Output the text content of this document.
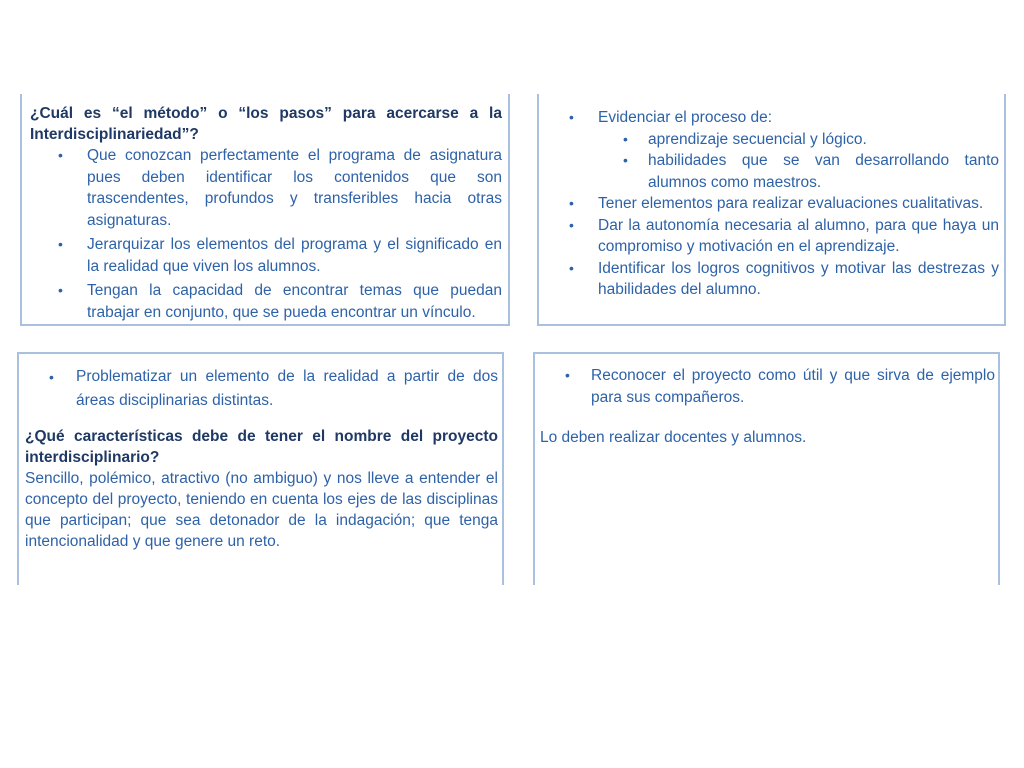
¿Cuál es “el método” o “los pasos” para acercarse a la Interdisciplinariedad”?

• Que conozcan perfectamente el programa de asignatura pues deben identificar los contenidos que son trascendentes, profundos y transferibles hacia otras asignaturas.
• Jerarquizar los elementos del programa y el significado en la realidad que viven los alumnos.
• Tengan la capacidad de encontrar temas que puedan trabajar en conjunto, que se pueda encontrar un vínculo.
• Evidenciar el proceso de:
• aprendizaje secuencial y lógico.
• habilidades que se van desarrollando tanto alumnos como maestros.
• Tener elementos para realizar evaluaciones cualitativas.
• Dar la autonomía necesaria al alumno, para que haya un compromiso y motivación en el aprendizaje.
• Identificar los logros cognitivos y motivar las destrezas y habilidades del alumno.
• Problematizar un elemento de la realidad a partir de dos áreas disciplinarias distintas.

¿Qué características debe de tener el nombre del proyecto interdisciplinario?

Sencillo, polémico, atractivo (no ambiguo) y nos lleve a entender el concepto del proyecto, teniendo en cuenta los ejes de las disciplinas que participan; que sea detonador de la indagación; que tenga intencionalidad y que genere un reto.

• Reconocer el proyecto como útil y que sirva de ejemplo para sus compañeros.

Lo deben realizar docentes y alumnos.
